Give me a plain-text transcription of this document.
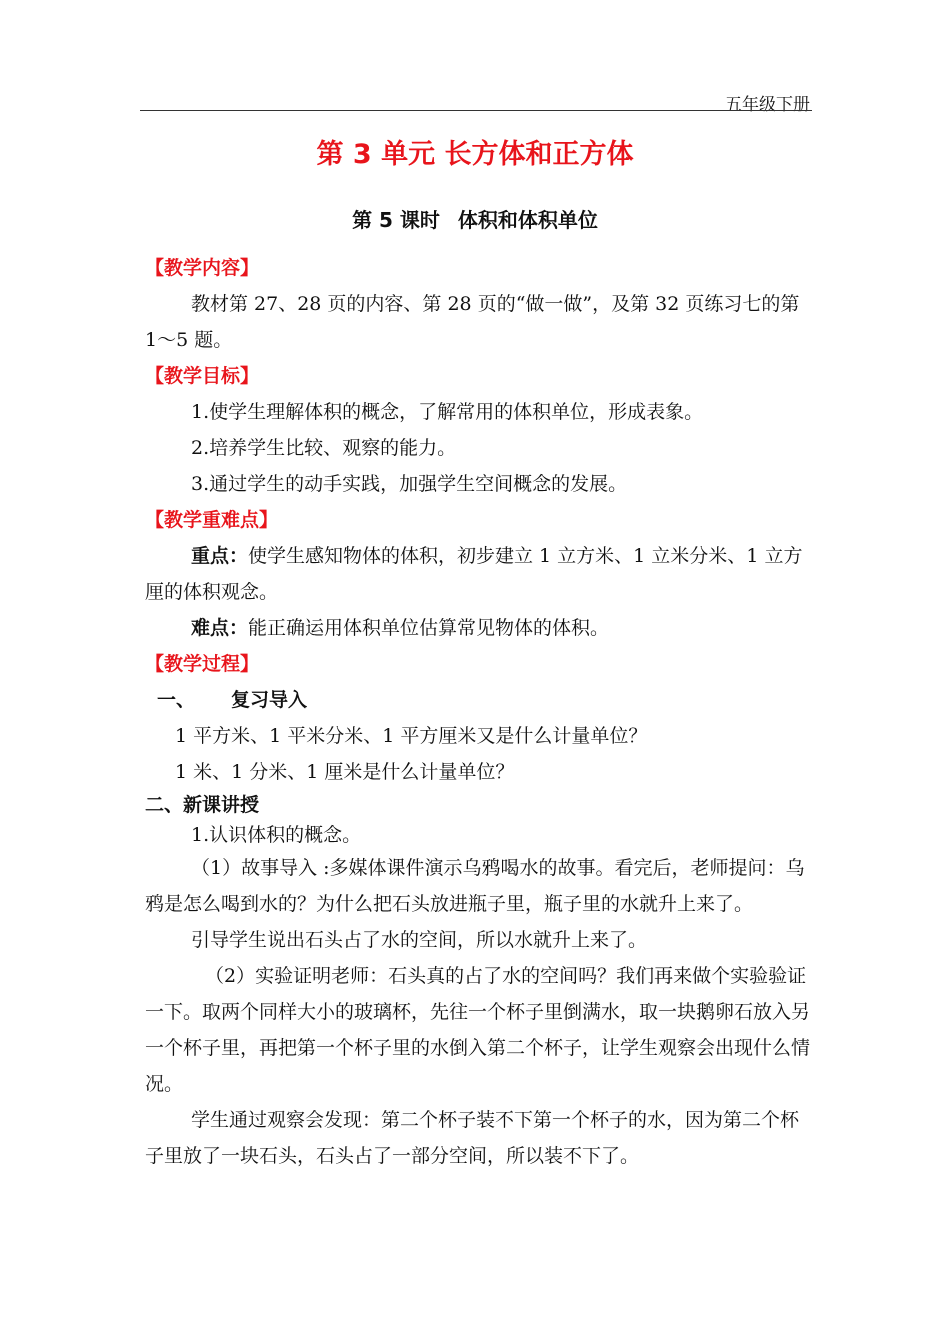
五年级下册
第 3 单元 长方体和正方体
第 5 课时 体积和体积单位

【教学内容】

教材第 27、28 页的内容、第 28 页的“做一做”，及第 32 页练习七的第 1～5 题。

【教学目标】

1.使学生理解体积的概念，了解常用的体积单位，形成表象。

2.培养学生比较、观察的能力。

3.通过学生的动手实践，加强学生空间概念的发展。

【教学重难点】

重点：使学生感知物体的体积，初步建立 1 立方米、1 立米分米、1 立方厘的体积观念。

难点：能正确运用体积单位估算常见物体的体积。

【教学过程】

一、 复习导入

1 平方米、1 平米分米、1 平方厘米又是什么计量单位？

1 米、1 分米、1 厘米是什么计量单位？

二、新课讲授

1.认识体积的概念。

（1）故事导入 :多媒体课件演示乌鸦喝水的故事。看完后，老师提问：乌鸦是怎么喝到水的？为什么把石头放进瓶子里，瓶子里的水就升上来了。

引导学生说出石头占了水的空间，所以水就升上来了。

（2）实验证明老师：石头真的占了水的空间吗？我们再来做个实验验证一下。取两个同样大小的玻璃杯，先往一个杯子里倒满水，取一块鹅卵石放入另一个杯子里，再把第一个杯子里的水倒入第二个杯子，让学生观察会出现什么情况。

学生通过观察会发现：第二个杯子装不下第一个杯子的水，因为第二个杯子里放了一块石头，石头占了一部分空间，所以装不下了。
